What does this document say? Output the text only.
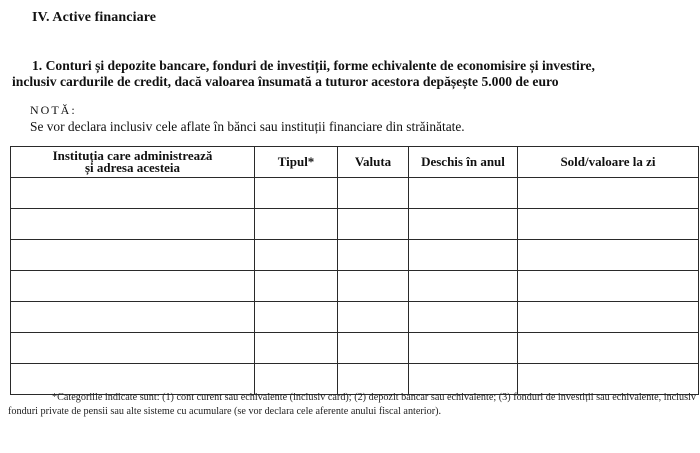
IV. Active financiare
1. Conturi și depozite bancare, fonduri de investiții, forme echivalente de economisire și investire,
inclusiv cardurile de credit, dacă valoarea însumată a tuturor acestora depășește 5.000 de euro
NOTĂ:
Se vor declara inclusiv cele aflate în bănci sau instituții financiare din străinătate.
Instituția care administrează și adresa acesteia	Tipul*	Valuta	Deschis în anul	Sold/valoare la zi

*Categoriile indicate sunt: (1) cont curent sau echivalente (inclusiv card); (2) depozit bancar sau echivalente; (3) fonduri de investiții sau echivalente, inclusiv fonduri private de pensii sau alte sisteme cu acumulare (se vor declara cele aferente anului fiscal anterior).
